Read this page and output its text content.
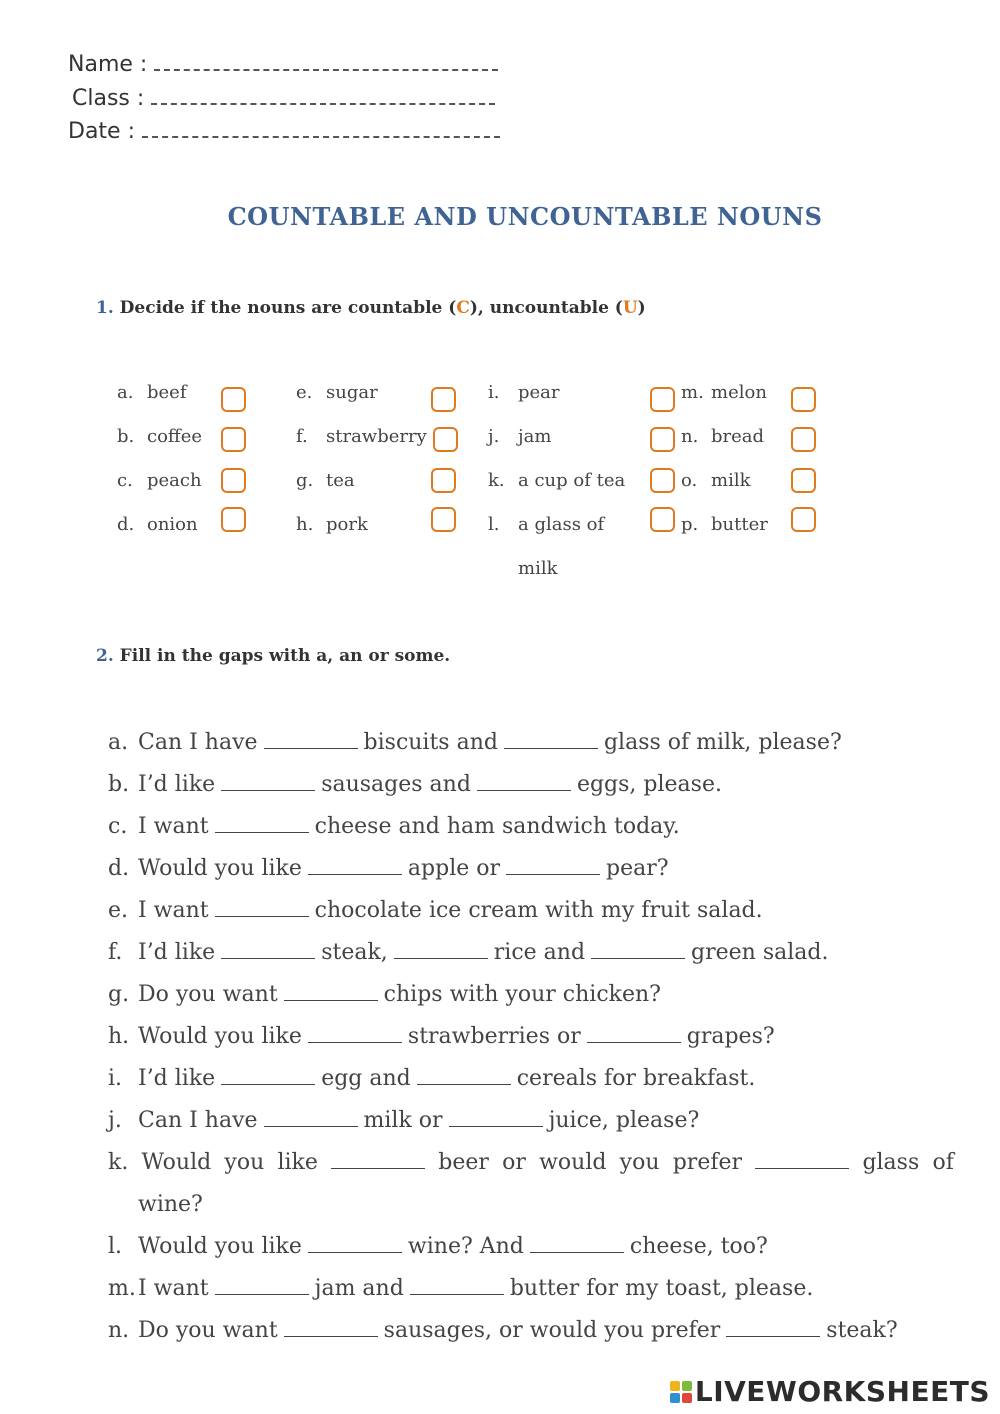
Name :
Class :
Date :
COUNTABLE AND UNCOUNTABLE NOUNS
1. Decide if the nouns are countable (C), uncountable (U)
a. beef
b. coffee
c. peach
d. onion
e. sugar
f. strawberry
g. tea
h. pork
i. pear
j. jam
k. a cup of tea
l. a glass of
milk
m. melon
n. bread
o. milk
p. butter
2. Fill in the gaps with a, an or some.
a. Can I have	biscuits and	glass of milk, please?
b. I’d like	sausages and	eggs, please.
c. I want	cheese and ham sandwich today.
d. Would you like	apple or	pear?
e. I want	chocolate ice cream with my fruit salad.
f. I’d like	steak,	rice and	green salad.
g. Do you want	chips with your chicken?
h. Would you like	strawberries or	grapes?
i. I’d like	egg and	cereals for breakfast.
j. Can I have	milk or	juice, please?
k. Would you like	beer or would you prefer	glass of
wine?
l. Would you like	wine? And	cheese, too?
m.I want	jam and	butter for my toast, please.
n. Do you want	sausages, or would you prefer	steak?
LIVEWORKSHEETS
